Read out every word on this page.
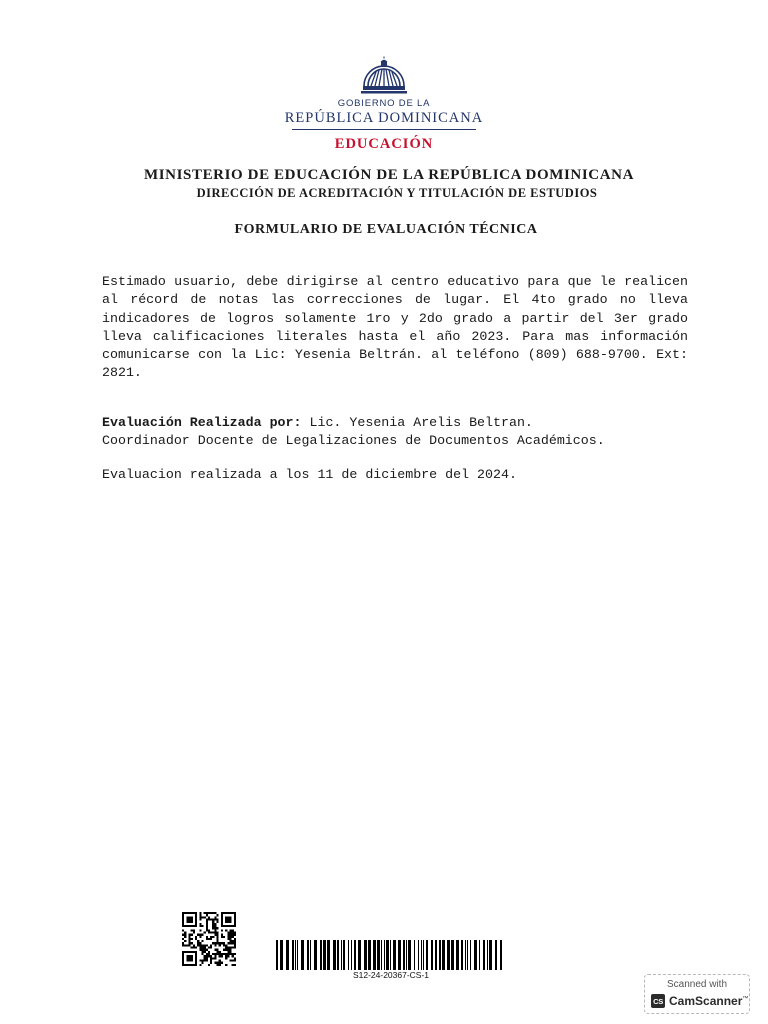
GOBIERNO DE LA
REPÚBLICA DOMINICANA
EDUCACIÓN
MINISTERIO DE EDUCACIÓN DE LA REPÚBLICA DOMINICANA
DIRECCIÓN DE ACREDITACIÓN Y TITULACIÓN DE ESTUDIOS
FORMULARIO DE EVALUACIÓN TÉCNICA

Estimado usuario, debe dirigirse al centro educativo para que le realicen al récord de notas las correcciones de lugar. El 4to grado no lleva indicadores de logros solamente 1ro y 2do grado a partir del 3er grado lleva calificaciones literales hasta el año 2023. Para mas información comunicarse con la Lic: Yesenia Beltrán. al teléfono (809) 688-9700. Ext: 2821.

Evaluación Realizada por: Lic. Yesenia Arelis Beltran.
Coordinador Docente de Legalizaciones de Documentos Académicos.

Evaluacion realizada a los 11 de diciembre del 2024.

S12-24-20367-CS-1
Scanned with
CS CamScanner™
